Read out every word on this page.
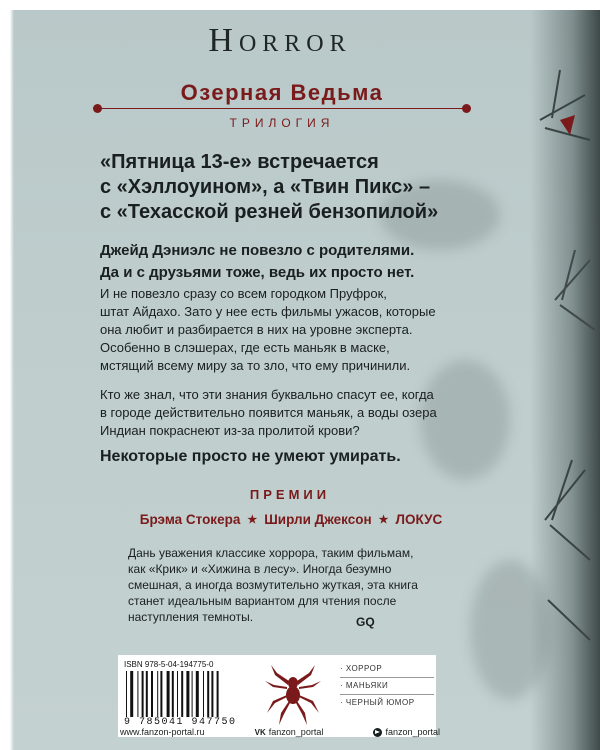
HORROR
Озерная Ведьма
ТРИЛОГИЯ
«Пятница 13-е» встречается
с «Хэллоуином», а «Твин Пикс» –
с «Техасской резней бензопилой»
Джейд Дэниэлс не повезло с родителями.
Да и с друзьями тоже, ведь их просто нет.
И не повезло сразу со всем городком Пруфрок,
штат Айдахо. Зато у нее есть фильмы ужасов, которые
она любит и разбирается в них на уровне эксперта.
Особенно в слэшерах, где есть маньяк в маске,
мстящий всему миру за то зло, что ему причинили.
Кто же знал, что эти знания буквально спасут ее, когда
в городе действительно появится маньяк, а воды озера
Индиан покраснеют из-за пролитой крови?
Некоторые просто не умеют умирать.
ПРЕМИИ
Брэма Стокера ★ Ширли Джексон ★ ЛОКУС
Дань уважения классике хоррора, таким фильмам,
как «Крик» и «Хижина в лесу». Иногда безумно
смешная, а иногда возмутительно жуткая, эта книга
станет идеальным вариантом для чтения после
наступления темноты.	GQ
ISBN 978-5-04-194775-0
9 785041 947750
· ХОРРОР
· МАНЬЯКИ
· ЧЕРНЫЙ ЮМОР
www.fanzon-portal.ru	VK fanzon_portal	fanzon_portal
